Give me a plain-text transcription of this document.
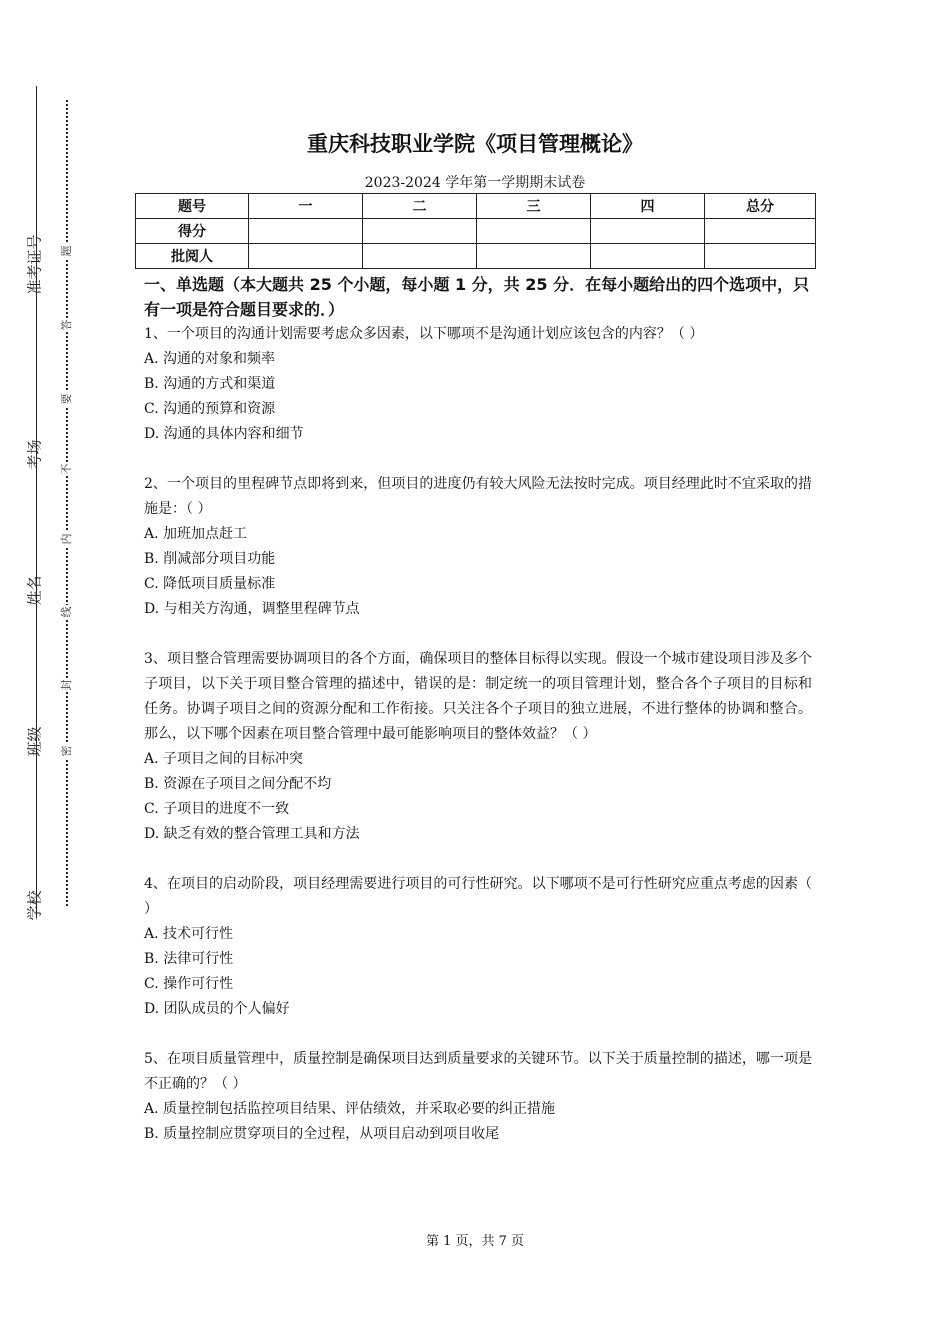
准考证号
考场
姓名
班级
学校
题
答
要
不
内
线
封
密
重庆科技职业学院《项目管理概论》
2023-2024 学年第一学期期末试卷
题号	一	二	三	四	总分
得分					
批阅人					
一、单选题（本大题共 25 个小题，每小题 1 分，共 25 分．在每小题给出的四个选项中，只有一项是符合题目要求的．）
1、一个项目的沟通计划需要考虑众多因素，以下哪项不是沟通计划应该包含的内容？（ ）
A. 沟通的对象和频率
B. 沟通的方式和渠道
C. 沟通的预算和资源
D. 沟通的具体内容和细节
2、一个项目的里程碑节点即将到来，但项目的进度仍有较大风险无法按时完成。项目经理此时不宜采取的措施是：（ ）
A. 加班加点赶工
B. 削减部分项目功能
C. 降低项目质量标准
D. 与相关方沟通，调整里程碑节点
3、项目整合管理需要协调项目的各个方面，确保项目的整体目标得以实现。假设一个城市建设项目涉及多个子项目，以下关于项目整合管理的描述中，错误的是：制定统一的项目管理计划，整合各个子项目的目标和任务。协调子项目之间的资源分配和工作衔接。只关注各个子项目的独立进展，不进行整体的协调和整合。那么，以下哪个因素在项目整合管理中最可能影响项目的整体效益？（ ）
A. 子项目之间的目标冲突
B. 资源在子项目之间分配不均
C. 子项目的进度不一致
D. 缺乏有效的整合管理工具和方法
4、在项目的启动阶段，项目经理需要进行项目的可行性研究。以下哪项不是可行性研究应重点考虑的因素（ ）
A. 技术可行性
B. 法律可行性
C. 操作可行性
D. 团队成员的个人偏好
5、在项目质量管理中，质量控制是确保项目达到质量要求的关键环节。以下关于质量控制的描述，哪一项是不正确的？（ ）
A. 质量控制包括监控项目结果、评估绩效，并采取必要的纠正措施
B. 质量控制应贯穿项目的全过程，从项目启动到项目收尾
第 1 页，共 7 页
